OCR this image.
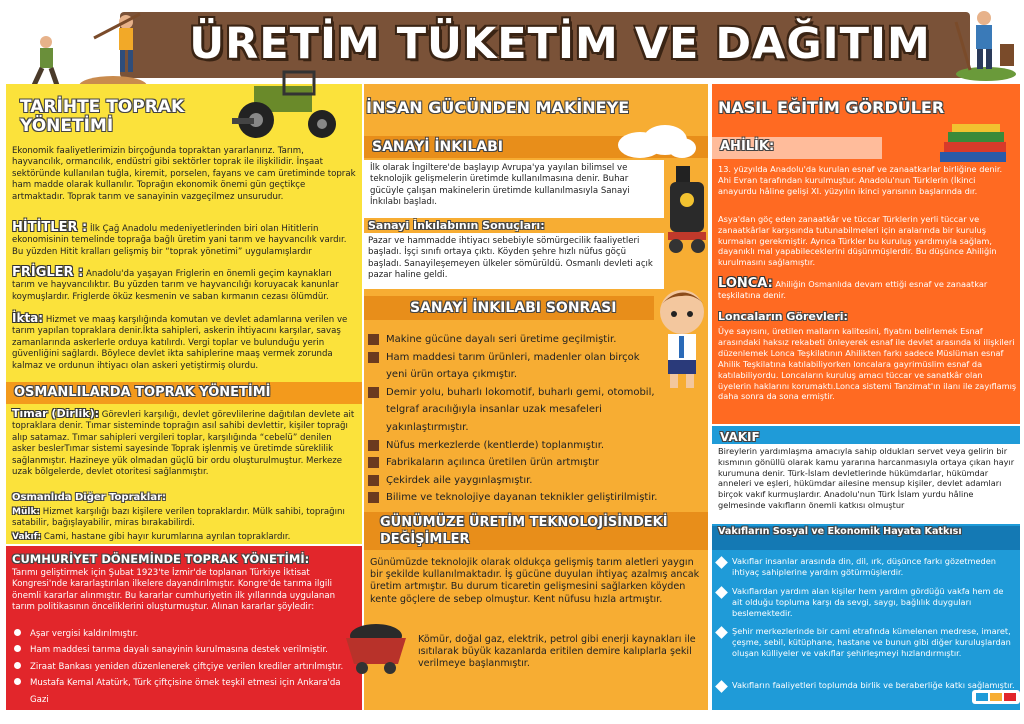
ÜRETİM TÜKETİM VE DAĞITIM
TARİHTE TOPRAK YÖNETİMİ
Ekonomik faaliyetlerimizin birçoğunda topraktan yararlanırız. Tarım, hayvancılık, ormancılık, endüstri gibi sektörler toprak ile ilişkilidir. İnşaat sektöründe kullanılan tuğla, kiremit, porselen, fayans ve cam üretiminde toprak ham madde olarak kullanılır. Toprağın ekonomik önemi gün geçtikçe artmaktadır. Toprak tarım ve sanayinin vazgeçilmez unsurudur.
HİTİTLER : İlk Çağ Anadolu medeniyetlerinden biri olan Hititlerin ekonomisinin temelinde toprağa bağlı üretim yani tarım ve hayvancılık vardır. Bu yüzden Hitit kralları gelişmiş bir “toprak yönetimi” uygulamışlardır
FRİGLER : Anadolu'da yaşayan Friglerin en önemli geçim kaynakları tarım ve hayvancılıktır. Bu yüzden tarım ve hayvancılığı koruyacak kanunlar koymuşlardır. Friglerde öküz kesmenin ve saban kırmanın cezası ölümdür.
İkta: Hizmet ve maaş karşılığında komutan ve devlet adamlarına verilen ve tarım yapılan topraklara denir.İkta sahipleri, askerin ihtiyacını karşılar, savaş zamanlarında askerlerle orduya katılırdı. Vergi toplar ve bulunduğu yerin güvenliğini sağlardı. Böylece devlet ikta sahiplerine maaş vermek zorunda kalmaz ve ordunun ihtiyacı olan askeri yetiştirmiş olurdu.
OSMANLILARDA TOPRAK YÖNETİMİ
Tımar (Dirlik): Görevleri karşılığı, devlet görevlilerine dağıtılan devlete ait topraklara denir. Tımar sisteminde toprağın asıl sahibi devlettir, kişiler toprağı alıp satamaz. Tımar sahipleri vergileri toplar, karşılığında “cebelü” denilen asker beslerTımar sistemi sayesinde Toprak işlenmiş ve üretimde süreklilik sağlanmıştır. Hazineye yük olmadan güçlü bir ordu oluşturulmuştur. Merkeze uzak bölgelerde, devlet otoritesi sağlanmıştır.
Osmanlıda Diğer Topraklar:
Mülk: Hizmet karşılığı bazı kişilere verilen topraklardır. Mülk sahibi, toprağını satabilir, bağışlayabilir, miras bırakabilirdi.
Vakıf: Cami, hastane gibi hayır kurumlarına ayrılan topraklardır.
CUMHURİYET DÖNEMİNDE TOPRAK YÖNETİMİ:
Tarımı geliştirmek için Şubat 1923'te İzmir'de toplanan Türkiye İktisat Kongresi'nde kararlaştırılan ilkelere dayandırılmıştır. Kongre'de tarıma ilgili önemli kararlar alınmıştır. Bu kararlar cumhuriyetin ilk yıllarında uygulanan tarım politikasının önceliklerini oluşturmuştur. Alınan kararlar şöyledir:
Aşar vergisi kaldırılmıştır.
Ham maddesi tarıma dayalı sanayinin kurulmasına destek verilmiştir.
Ziraat Bankası yeniden düzenlenerek çiftçiye verilen krediler artırılmıştır.
Mustafa Kemal Atatürk, Türk çiftçisine örnek teşkil etmesi için Ankara'da Gazi
Orman Çiftliğini ve diğer yerlerde bazı çiftlikleri kurmuştur.
İNSAN GÜCÜNDEN MAKİNEYE
SANAYİ İNKILABI
İlk olarak İngiltere'de başlayıp Avrupa'ya yayılan bilimsel ve teknolojik gelişmelerin üretimde kullanılmasına denir. Buhar gücüyle çalışan makinelerin üretimde kullanılmasıyla Sanayi İnkılabı başladı.
Sanayi İnkılabının Sonuçları:
Pazar ve hammadde ihtiyacı sebebiyle sömürgecilik faaliyetleri başladı. İşçi sınıfı ortaya çıktı. Köyden şehre hızlı nüfus göçü başladı. Sanayileşemeyen ülkeler sömürüldü. Osmanlı devleti açık pazar haline geldi.
SANAYİ İNKILABI SONRASI
Makine gücüne dayalı seri üretime geçilmiştir.
Ham maddesi tarım ürünleri, madenler olan birçok yeni ürün ortaya çıkmıştır.
Demir yolu, buharlı lokomotif, buharlı gemi, otomobil, telgraf aracılığıyla insanlar uzak mesafeleri yakınlaştırmıştır.
Nüfus merkezlerde (kentlerde) toplanmıştır.
Fabrikaların açılınca üretilen ürün artmıştır
Çekirdek aile yaygınlaşmıştır.
Bilime ve teknolojiye dayanan teknikler geliştirilmiştir.
GÜNÜMÜZE ÜRETİM TEKNOLOJİSİNDEKİ DEĞİŞİMLER
Günümüzde teknolojik olarak oldukça gelişmiş tarım aletleri yaygın bir şekilde kullanılmaktadır. İş gücüne duyulan ihtiyaç azalmış ancak üretim artmıştır. Bu durum ticaretin gelişmesini sağlarken köyden kente göçlere de sebep olmuştur. Kent nüfusu hızla artmıştır.
Kömür, doğal gaz, elektrik, petrol gibi enerji kaynakları ile ısıtılarak büyük kazanlarda eritilen demire kalıplarla şekil verilmeye başlanmıştır.
NASIL EĞİTİM GÖRDÜLER
AHİLİK:
13. yüzyılda Anadolu'da kurulan esnaf ve zanaatkarlar birliğine denir. Ahi Evran tarafından kurulmuştur. Anadolu'nun Türklerin (İkinci anayurdu hâline gelişi XI. yüzyılın ikinci yarısının başlarında dır.
Asya'dan göç eden zanaatkâr ve tüccar Türklerin yerli tüccar ve zanaatkârlar karşısında tutunabilmeleri için aralarında bir kuruluş kurmaları gerekmiştir. Ayrıca Türkler bu kuruluş yardımıyla sağlam, dayanıklı mal yapabileceklerini düşünmüşlerdir. Bu düşünce Ahiliğin kurulmasını sağlamıştır.
LONCA: Ahiliğin Osmanlıda devam ettiği esnaf ve zanaatkar teşkilatına denir.
Loncaların Görevleri:
Üye sayısını, üretilen malların kalitesini, fiyatını belirlemek Esnaf arasındaki haksız rekabeti önleyerek esnaf ile devlet arasında ki ilişkileri düzenlemek Lonca Teşkilatının Ahilikten farkı sadece Müslüman esnaf Ahilik Teşkilatına katılabiliyorken loncalara gayrimüslim esnaf da katılabiliyordu. Loncaların kuruluş amacı tüccar ve sanatkâr olan üyelerin haklarını korumaktı.Lonca sistemi Tanzimat'ın ilanı ile zayıflamış daha sonra da sona ermiştir.
VAKIF
Bireylerin yardımlaşma amacıyla sahip oldukları servet veya gelirin bir kısmının gönüllü olarak kamu yararına harcanmasıyla ortaya çıkan hayır kurumuna denir. Türk-İslam devletlerinde hükümdarlar, hükümdar anneleri ve eşleri, hükümdar ailesine mensup kişiler, devlet adamları birçok vakıf kurmuşlardır. Anadolu'nun Türk İslam yurdu hâline gelmesinde vakıfların önemli katkısı olmuştur
Vakıfların Sosyal ve Ekonomik Hayata Katkısı
Vakıflar insanlar arasında din, dil, ırk, düşünce farkı gözetmeden ihtiyaç sahiplerine yardım götürmüşlerdir.
Vakıflardan yardım alan kişiler hem yardım gördüğü vakfa hem de ait olduğu topluma karşı da sevgi, saygı, bağlılık duyguları beslemektedir.
Şehir merkezlerinde bir cami etrafında kümelenen medrese, imaret, çeşme, sebil, kütüphane, hastane ve bunun gibi diğer kuruluşlardan oluşan külliyeler ve vakıflar şehirleşmeyi hızlandırmıştır.
Vakıfların faaliyetleri toplumda birlik ve beraberliğe katkı sağlamıştır.
